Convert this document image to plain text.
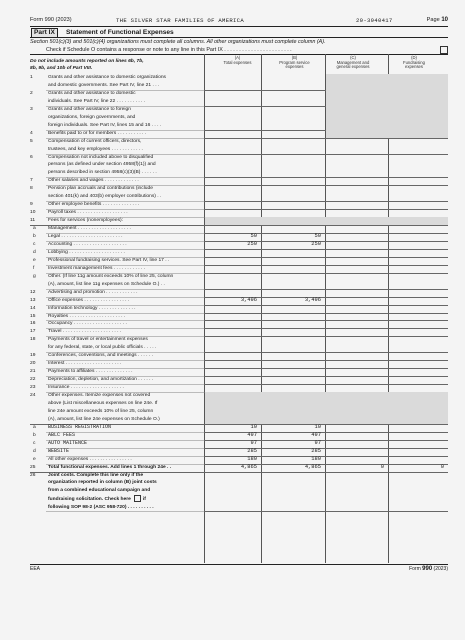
Form 990 (2023)	THE SILVER STAR FAMILIES OF AMERICA	20-3940417	Page 10
Part IX	Statement of Functional Expenses
Section 501(c)(3) and 501(c)(4) organizations must complete all columns. All other organizations must complete column (A).
Check if Schedule O contains a response or note to any line in this Part IX . . . . . . . . . . . . . . . . . . . . . . .
Do not include amounts reported on lines 6b, 7b,
8b, 9b, and 10b of Part VIII.
(A)
Total expenses
(B)
Program service
expenses
(C)
Management and
general expenses
(D)
Fundraising
expenses
1	Grants and other assistance to domestic organizations
and domestic governments. See Part IV, line 21 . . .
2	Grants and other assistance to domestic
individuals. See Part IV, line 22 . . . . . . . . . . .
3	Grants and other assistance to foreign
organizations, foreign governments, and
foreign individuals. See Part IV, lines 15 and 16 . . . .
4	Benefits paid to or for members . . . . . . . . . . .
5	Compensation of current officers, directors,
trustees, and key employees . . . . . . . . . . . .
6	Compensation not included above to disqualified
persons (as defined under section 4958(f)(1)) and
persons described in section 4958(c)(3)(B) . . . . . .
7	Other salaries and wages . . . . . . . . . . . . .
8	Pension plan accruals and contributions (include
section 401(k) and 403(b) employer contributions) . .
9	Other employee benefits . . . . . . . . . . . . . .
10	Payroll taxes . . . . . . . . . . . . . . . . . . .
11	Fees for services (nonemployees):
a	Management . . . . . . . . . . . . . . . . . . . .
b	Legal . . . . . . . . . . . . . . . . . . . . . . .	50	50
c	Accounting . . . . . . . . . . . . . . . . . . . .	250	250
d	Lobbying . . . . . . . . . . . . . . . . . . . . .
e	Professional fundraising services. See Part IV, line 17 . .
f	Investment management fees . . . . . . . . . . . .
g	Other. (If line 11g amount exceeds 10% of line 25, column
(A), amount, list line 11g expenses on Schedule O.) . .
12	Advertising and promotion . . . . . . . . . . . .
13	Office expenses . . . . . . . . . . . . . . . . .	3,496	3,496
14	Information technology . . . . . . . . . . . . . .
15	Royalties . . . . . . . . . . . . . . . . . . . . .
16	Occupancy . . . . . . . . . . . . . . . . . . . .
17	Travel . . . . . . . . . . . . . . . . . . . . . .
18	Payments of travel or entertainment expenses
for any federal, state, or local public officials . . . . .
19	Conferences, conventions, and meetings . . . . . .
20	Interest . . . . . . . . . . . . . . . . . . . . .
21	Payments to affiliates . . . . . . . . . . . . . .
22	Depreciation, depletion, and amortization . . . . . .
23	Insurance . . . . . . . . . . . . . . . . . . . .
24	Other expenses. Itemize expenses not covered
above (List miscellaneous expenses on line 24e. If
line 24e amount exceeds 10% of line 25, column
(A), amount, list line 24e expenses on Schedule O.)
a	BUSINESS REGISTRATION	10	10
b	ABLC FEES	497	497
c	AUTO MAITENCE	97	97
d	WEBSITE	285	285
e	All other expenses . . . . . . . . . . . . . . . .	180	180
25	Total functional expenses. Add lines 1 through 24e . .	4,865	4,865	0	0
26	Joint costs. Complete this line only if the
organization reported in column (B) joint costs
from a combined educational campaign and
fundraising solicitation. Check here if
following SOP 98-2 (ASC 958-720) . . . . . . . . . .
EEA	Form 990 (2023)
